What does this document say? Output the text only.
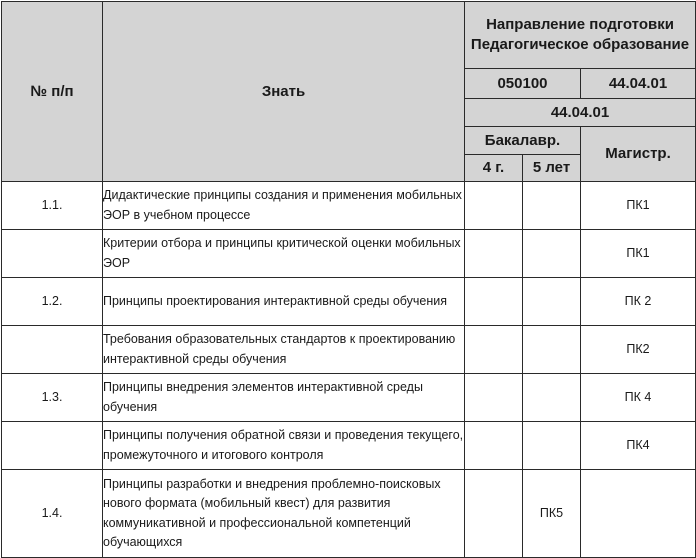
№ п/п	Знать	Направление подготовки Педагогическое образование		
		050100		44.04.01
		44.04.01		
		Бакалавр.		Магистр.
		4 г.	5 лет	
1.1.	Дидактические принципы создания и применения мобильных ЭОР в учебном процессе			ПК1
	Критерии отбора и принципы критической оценки мобильных ЭОР			ПК1
1.2.	Принципы проектирования интерактивной среды обучения			ПК 2
	Требования образовательных стандартов к проектированию интерактивной среды обучения			ПК2
1.3.	Принципы внедрения элементов интерактивной среды обучения			ПК 4
	Принципы получения обратной связи и проведения текущего, промежуточного и итогового контроля			ПК4
1.4.	Принципы разработки и внедрения проблемно-поисковых нового формата (мобильный квест) для развития коммуникативной и профессиональной компетенций обучающихся		ПК5	
